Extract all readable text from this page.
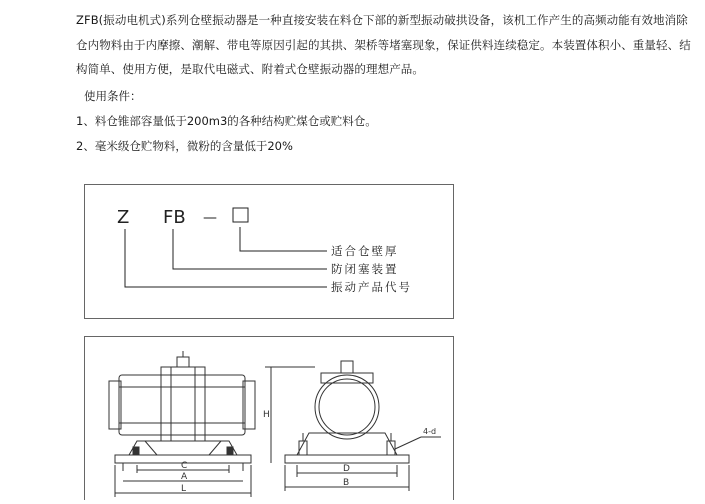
ZFB(振动电机式)系列仓壁振动器是一种直接安装在料仓下部的新型振动破拱设备，该机工作产生的高频动能有效地消除仓内物料由于内摩擦、潮解、带电等原因引起的其拱、架桥等堵塞现象，保证供料连续稳定。本装置体积小、重量轻、结构简单、使用方便，是取代电磁式、附着式仓壁振动器的理想产品。
使用条件：
1、料仓锥部容量低于200m3的各种结构贮煤仓或贮料仓。
2、毫米级仓贮物料，微粉的含量低于20%
Z FB —
适合仓壁厚
防闭塞装置
振动产品代号
C
A
L
H
D
B
4-d
